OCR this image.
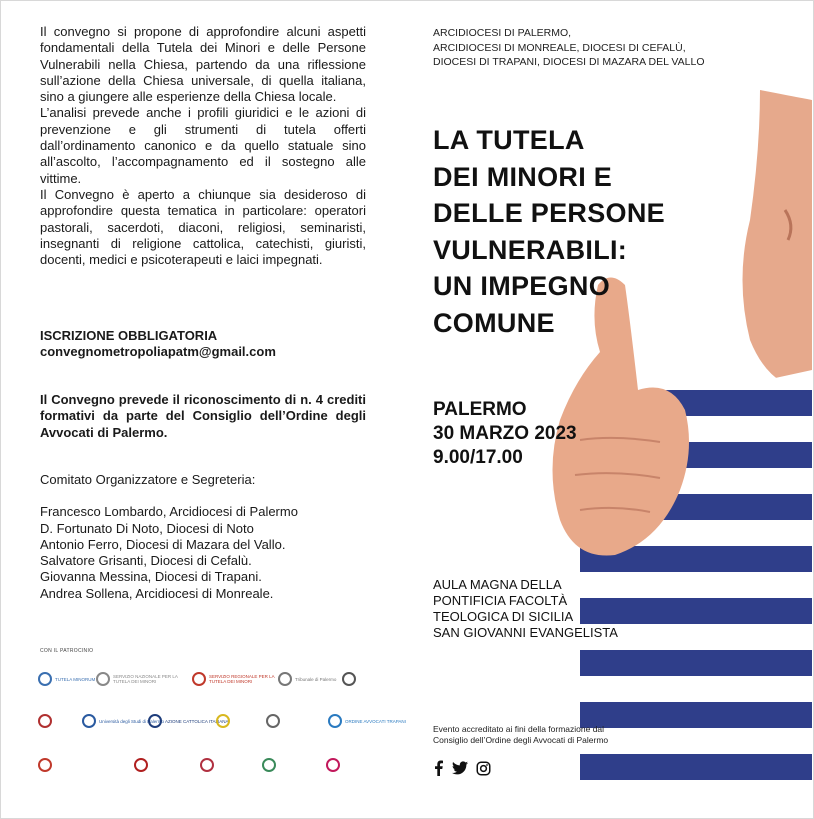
Il convegno si propone di approfondire alcuni aspetti fondamentali della Tutela dei Minori e delle Persone Vulnerabili nella Chiesa, partendo da una riflessione sull’azione della Chiesa universale, di quella italiana, sino a giungere alle esperienze della Chiesa locale.

L’analisi prevede anche i profili giuridici e le azioni di prevenzione e gli strumenti di tutela offerti dall’ordinamento canonico e da quello statuale sino all’ascolto, l’accompagnamento ed il sostegno alle vittime.

Il Convegno è aperto a chiunque sia desideroso di approfondire questa tematica in particolare: operatori pastorali, sacerdoti, diaconi, religiosi, seminaristi, insegnanti di religione cattolica, catechisti, giuristi, docenti, medici e psicoterapeuti e laici impegnati.

ISCRIZIONE OBBLIGATORIA
convegnometropoliapatm@gmail.com
Il Convegno prevede il riconoscimento di n. 4 crediti formativi da parte del Consiglio dell’Ordine degli Avvocati di Palermo.
Comitato Organizzatore e Segreteria:
Francesco Lombardo, Arcidiocesi di Palermo
D. Fortunato Di Noto, Diocesi di Noto
Antonio Ferro, Diocesi di Mazara del Vallo.
Salvatore Grisanti, Diocesi di Cefalù.
Giovanna Messina, Diocesi di Trapani.
Andrea Sollena, Arcidiocesi di Monreale.
CON IL PATROCINIO
TUTELA MINORUM	SERVIZIO NAZIONALE PER LA TUTELA DEI MINORI
SERVIZIO REGIONALE PER LA TUTELA DEI MINORI	Tribunale di Palermo
Università degli Studi di Palermo AZIONE CATTOLICA ITALIANA	ORDINE AVVOCATI TRAPANI
ARCIDIOCESI DI PALERMO,
ARCIDIOCESI DI MONREALE, DIOCESI DI CEFALÙ,
DIOCESI DI TRAPANI, DIOCESI DI MAZARA DEL VALLO
LA TUTELA
DEI MINORI E
DELLE PERSONE
VULNERABILI:
UN IMPEGNO
COMUNE
PALERMO
30 MARZO 2023
9.00/17.00
AULA MAGNA DELLA
PONTIFICIA FACOLTÀ
TEOLOGICA DI SICILIA
SAN GIOVANNI EVANGELISTA
Evento accreditato ai fini della formazione dal
Consiglio dell’Ordine degli Avvocati di Palermo
